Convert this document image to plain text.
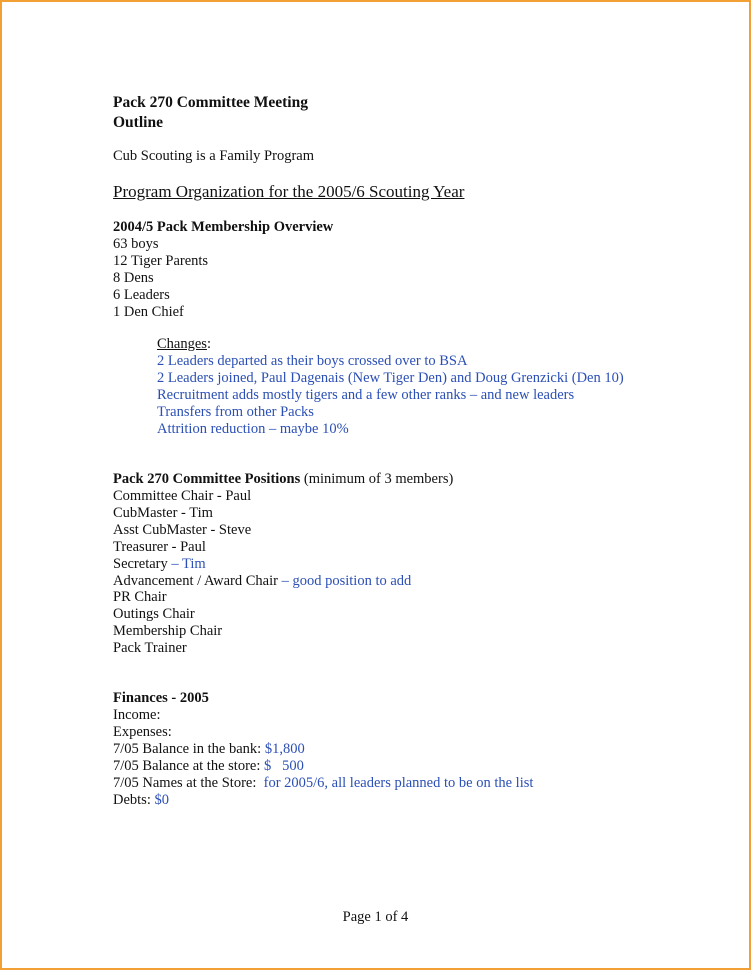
Pack 270 Committee Meeting
Outline
Cub Scouting is a Family Program
Program Organization for the 2005/6 Scouting Year
2004/5 Pack Membership Overview
63 boys
12 Tiger Parents
8 Dens
6 Leaders
1 Den Chief
Changes:
2 Leaders departed as their boys crossed over to BSA
2 Leaders joined, Paul Dagenais (New Tiger Den) and Doug Grenzicki (Den 10)
Recruitment adds mostly tigers and a few other ranks – and new leaders
Transfers from other Packs
Attrition reduction – maybe 10%
Pack 270 Committee Positions (minimum of 3 members)
Committee Chair - Paul
CubMaster - Tim
Asst CubMaster - Steve
Treasurer - Paul
Secretary – Tim
Advancement / Award Chair – good position to add
PR Chair
Outings Chair
Membership Chair
Pack Trainer
Finances - 2005
Income:
Expenses:
7/05 Balance in the bank: $1,800
7/05 Balance at the store: $   500
7/05 Names at the Store:  for 2005/6, all leaders planned to be on the list
Debts: $0
Page 1 of 4
